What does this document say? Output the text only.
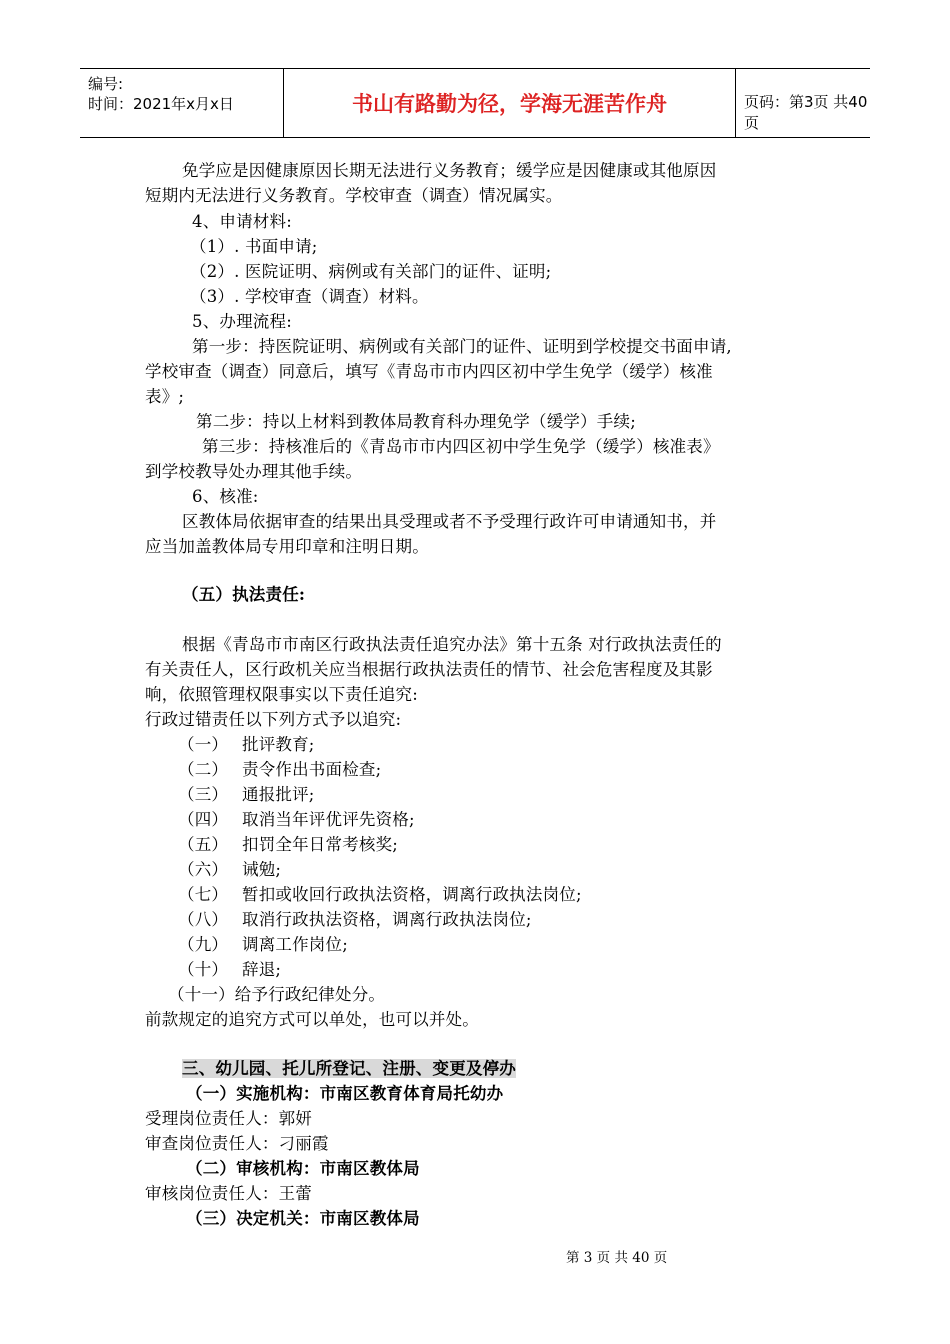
编号:
时间：2021年x月x日	书山有路勤为径，学海无涯苦作舟	页码：第3页 共40页
免学应是因健康原因长期无法进行义务教育；缓学应是因健康或其他原因
短期内无法进行义务教育。学校审查（调查）情况属实。
4、申请材料:
（1）. 书面申请;
（2）. 医院证明、病例或有关部门的证件、证明;
（3）. 学校审查（调查）材料。
5、办理流程:
第一步：持医院证明、病例或有关部门的证件、证明到学校提交书面申请,
学校审查（调查）同意后，填写《青岛市市内四区初中学生免学（缓学）核准
表》;
第二步：持以上材料到教体局教育科办理免学（缓学）手续;
第三步：持核准后的《青岛市市内四区初中学生免学（缓学）核准表》
到学校教导处办理其他手续。
6、核准:
区教体局依据审查的结果出具受理或者不予受理行政许可申请通知书，并
应当加盖教体局专用印章和注明日期。
（五）执法责任:
根据《青岛市市南区行政执法责任追究办法》第十五条 对行政执法责任的
有关责任人，区行政机关应当根据行政执法责任的情节、社会危害程度及其影
响，依照管理权限事实以下责任追究:
行政过错责任以下列方式予以追究:
（一） 批评教育;
（二） 责令作出书面检查;
（三） 通报批评;
（四） 取消当年评优评先资格;
（五） 扣罚全年日常考核奖;
（六） 诫勉;
（七） 暂扣或收回行政执法资格，调离行政执法岗位;
（八） 取消行政执法资格，调离行政执法岗位;
（九） 调离工作岗位;
（十） 辞退;
（十一）给予行政纪律处分。
前款规定的追究方式可以单处，也可以并处。
三、幼儿园、托儿所登记、注册、变更及停办
（一）实施机构：市南区教育体育局托幼办
受理岗位责任人：郭妍
审查岗位责任人：刁丽霞
（二）审核机构：市南区教体局
审核岗位责任人：王蕾
（三）决定机关：市南区教体局
第 3 页 共 40 页
